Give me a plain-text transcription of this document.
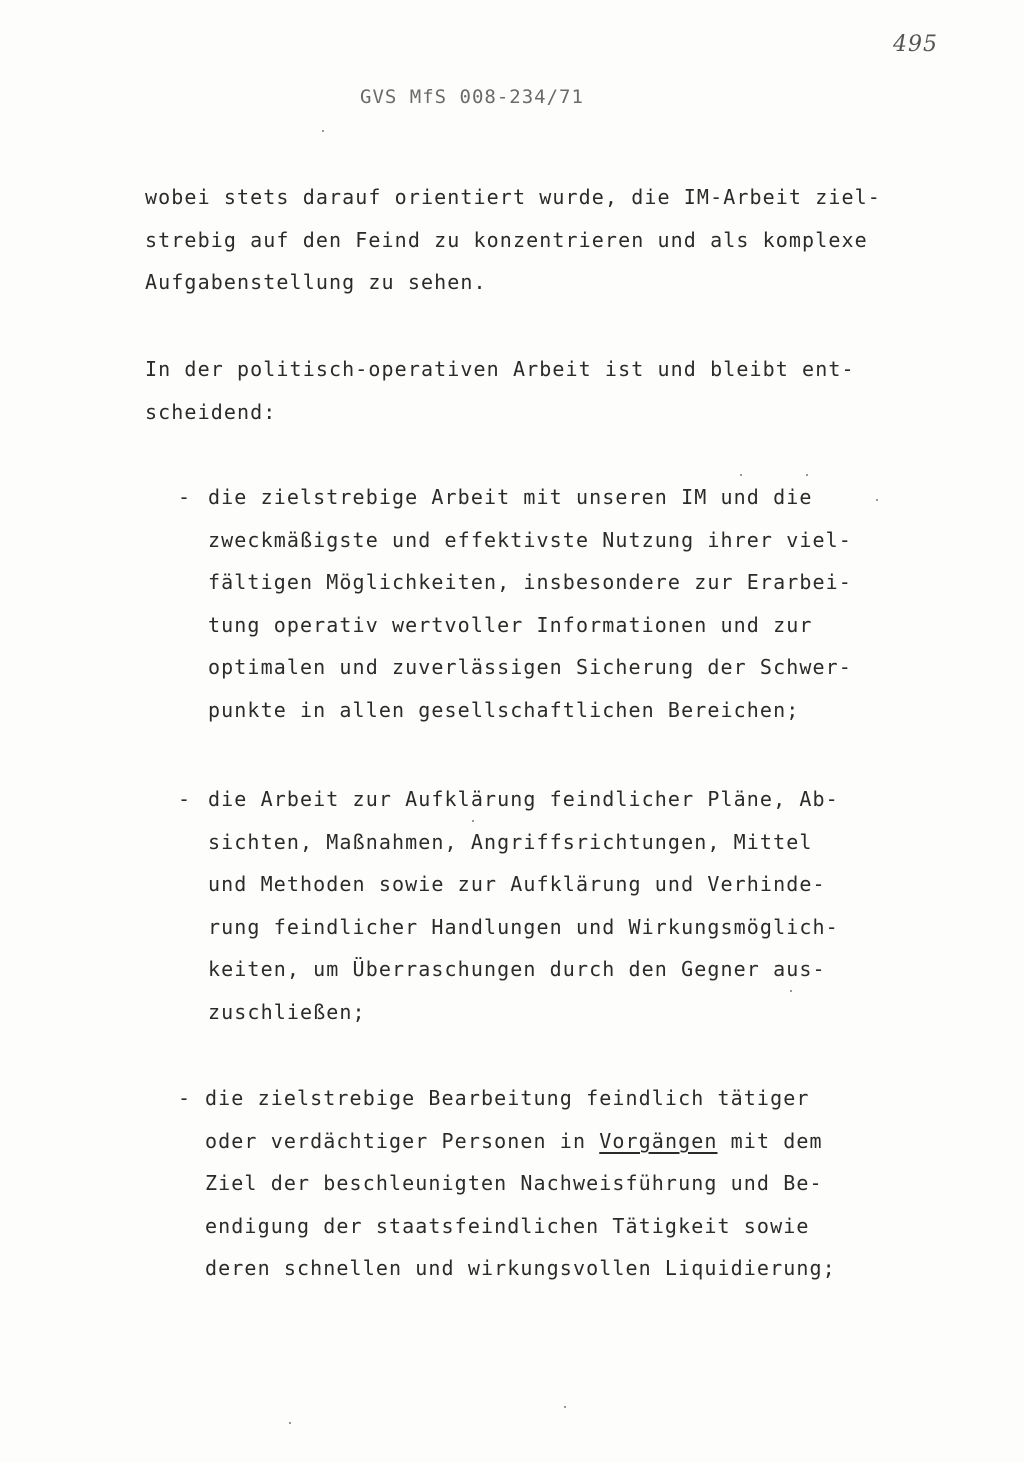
495
GVS MfS 008-234/71
wobei stets darauf orientiert wurde, die IM-Arbeit ziel-
strebig auf den Feind zu konzentrieren und als komplexe
Aufgabenstellung zu sehen.
In der politisch-operativen Arbeit ist und bleibt ent-
scheidend:

-

die zielstrebige Arbeit mit unseren IM und die
zweckmäßigste und effektivste Nutzung ihrer viel-
fältigen Möglichkeiten, insbesondere zur Erarbei-
tung operativ wertvoller Informationen und zur
optimalen und zuverlässigen Sicherung der Schwer-
punkte in allen gesellschaftlichen Bereichen;

-

die Arbeit zur Aufklärung feindlicher Pläne, Ab-
sichten, Maßnahmen, Angriffsrichtungen, Mittel
und Methoden sowie zur Aufklärung und Verhinde-
rung feindlicher Handlungen und Wirkungsmöglich-
keiten, um Überraschungen durch den Gegner aus-
zuschließen;

-

die zielstrebige Bearbeitung feindlich tätiger
oder verdächtiger Personen in Vorgängen mit dem
Ziel der beschleunigten Nachweisführung und Be-
endigung der staatsfeindlichen Tätigkeit sowie
deren schnellen und wirkungsvollen Liquidierung;
